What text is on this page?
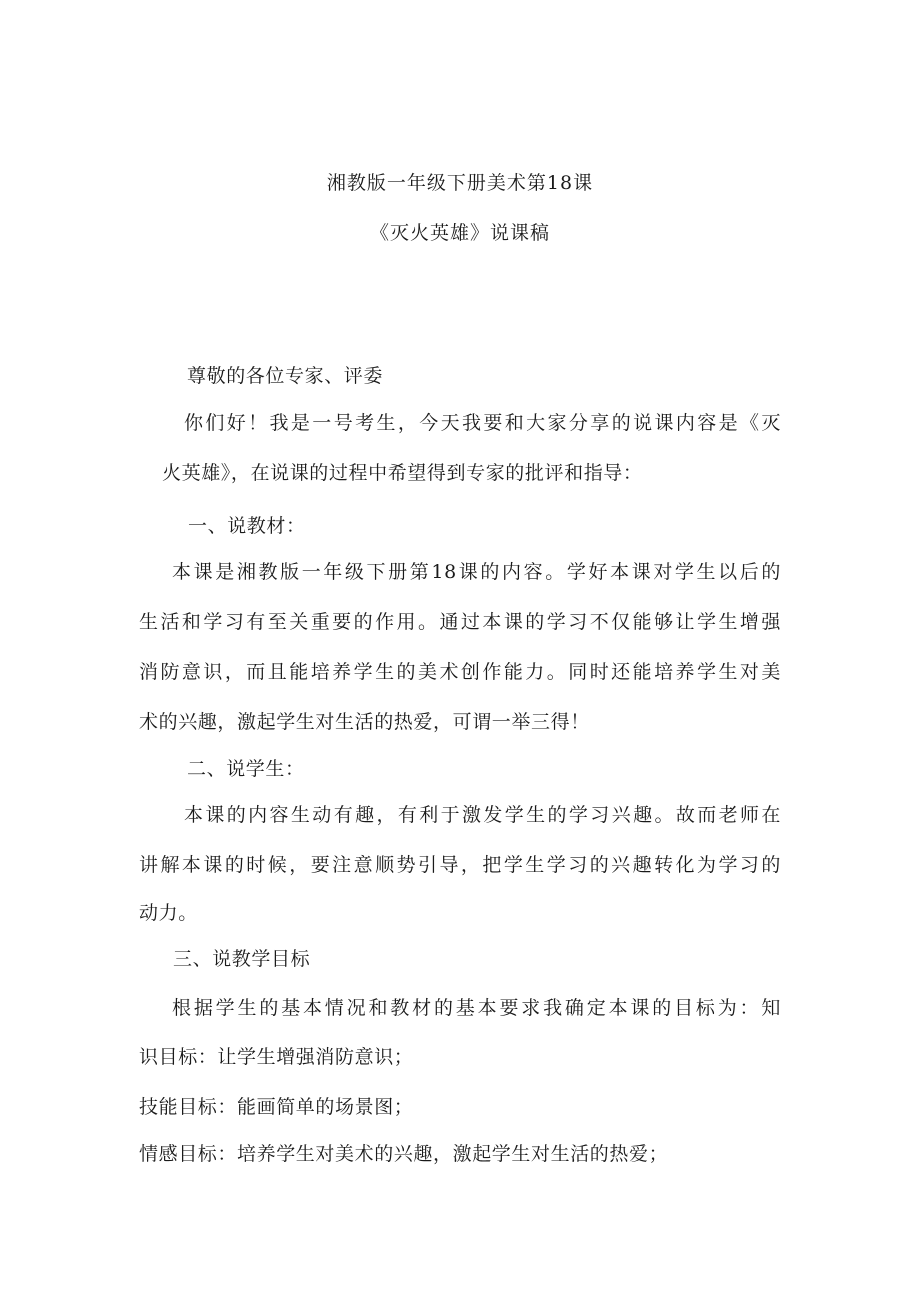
湘教版一年级下册美术第18课
《灭火英雄》说课稿
尊敬的各位专家、评委
你们好！我是一号考生，今天我要和大家分享的说课内容是《灭
火英雄》，在说课的过程中希望得到专家的批评和指导：
一、说教材：
本课是湘教版一年级下册第18课的内容。学好本课对学生以后的
生活和学习有至关重要的作用。通过本课的学习不仅能够让学生增强
消防意识，而且能培养学生的美术创作能力。同时还能培养学生对美
术的兴趣，激起学生对生活的热爱，可谓一举三得！
二、说学生：
本课的内容生动有趣，有利于激发学生的学习兴趣。故而老师在
讲解本课的时候，要注意顺势引导，把学生学习的兴趣转化为学习的
动力。
三、说教学目标
根据学生的基本情况和教材的基本要求我确定本课的目标为：知
识目标：让学生增强消防意识；
技能目标：能画简单的场景图；
情感目标：培养学生对美术的兴趣，激起学生对生活的热爱；
